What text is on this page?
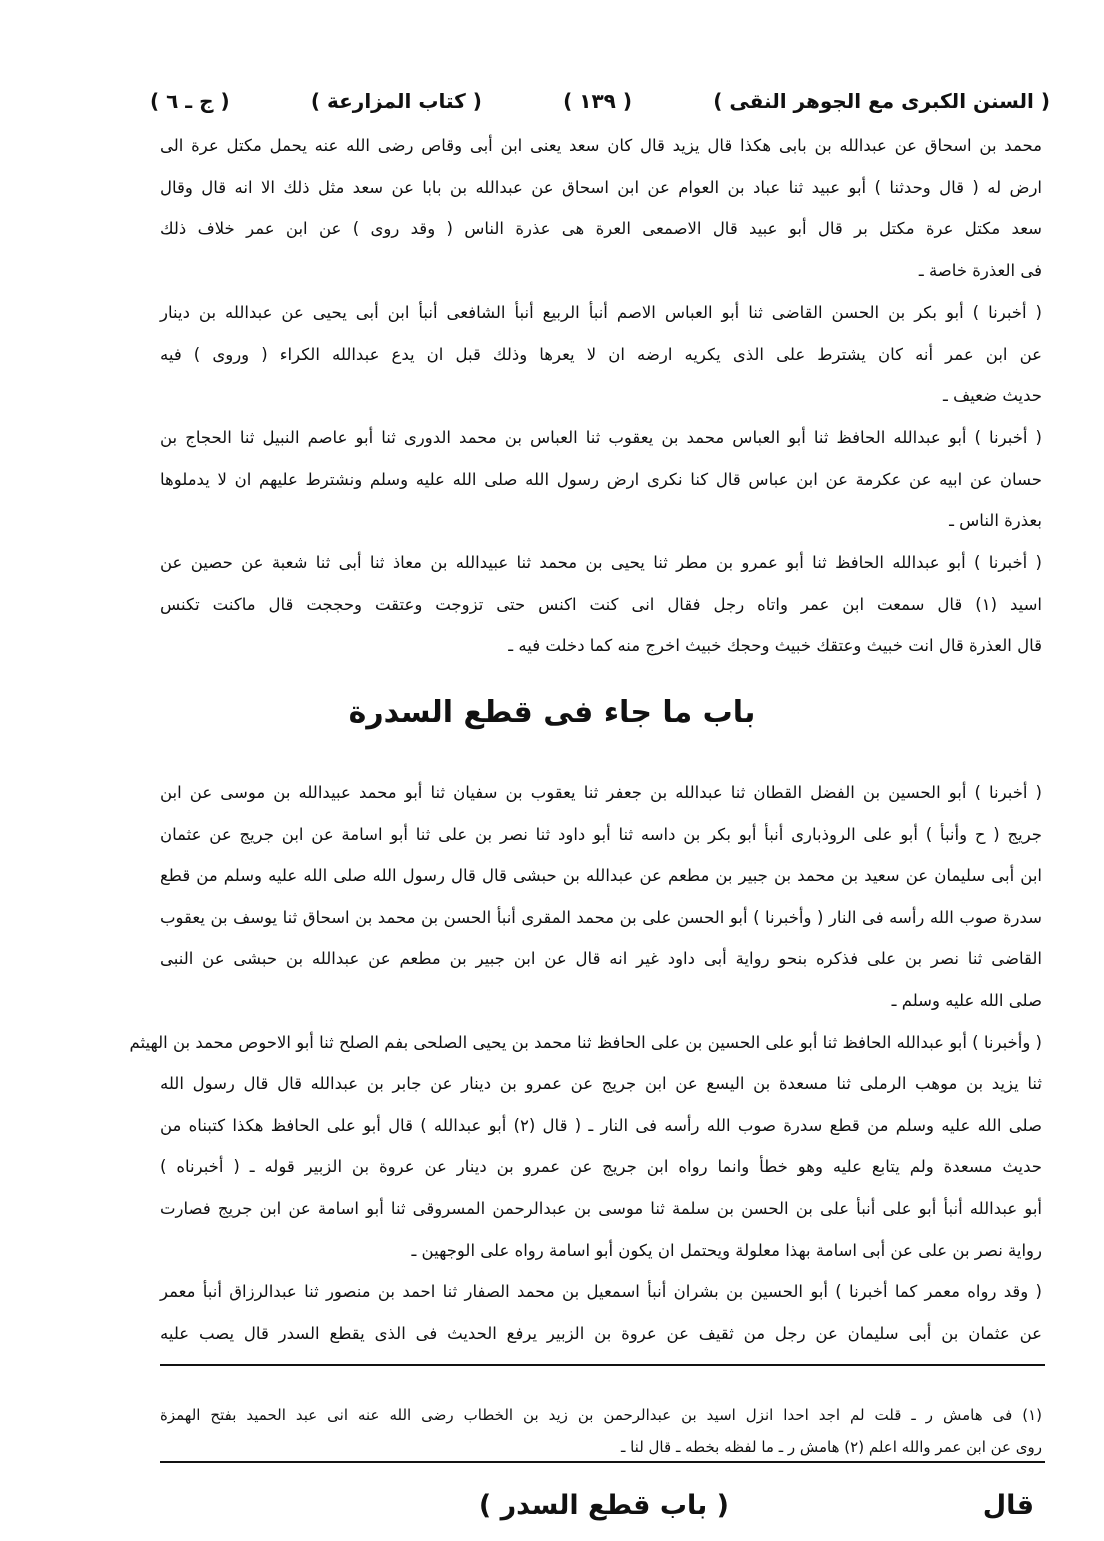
( السنن الكبرى مع الجوهر النقى )
( ١٣٩ )
( كتاب المزارعة )
( ج ـ ٦ )
محمد بن اسحاق عن عبدالله بن بابى هكذا قال يزيد قال كان سعد يعنى ابن أبى وقاص رضى الله عنه يحمل مكتل عرة الى
ارض له ( قال وحدثنا ) أبو عبيد ثنا عباد بن العوام عن ابن اسحاق عن عبدالله بن بابا عن سعد مثل ذلك الا انه قال وقال
سعد مكتل عرة مكتل بر قال أبو عبيد قال الاصمعى العرة هى عذرة الناس ( وقد روى ) عن ابن عمر خلاف ذلك
فى العذرة خاصة ـ
( أخبرنا ) أبو بكر بن الحسن القاضى ثنا أبو العباس الاصم أنبأ الربيع أنبأ الشافعى أنبأ ابن أبى يحيى عن عبدالله بن دينار
عن ابن عمر أنه كان يشترط على الذى يكريه ارضه ان لا يعرها وذلك قبل ان يدع عبدالله الكراء ( وروى ) فيه
حديث ضعيف ـ
( أخبرنا ) أبو عبدالله الحافظ ثنا أبو العباس محمد بن يعقوب ثنا العباس بن محمد الدورى ثنا أبو عاصم النبيل ثنا الحجاج بن
حسان عن ابيه عن عكرمة عن ابن عباس قال كنا نكرى ارض رسول الله صلى الله عليه وسلم ونشترط عليهم ان لا يدملوها
بعذرة الناس ـ
( أخبرنا ) أبو عبدالله الحافظ ثنا أبو عمرو بن مطر ثنا يحيى بن محمد ثنا عبيدالله بن معاذ ثنا أبى ثنا شعبة عن حصين عن
اسيد (١) قال سمعت ابن عمر واتاه رجل فقال انى كنت اكنس حتى تزوجت وعتقت وحججت قال ماكنت تكنس
قال العذرة قال انت خبيث وعتقك خبيث وحجك خبيث اخرج منه كما دخلت فيه ـ
باب ما جاء فى قطع السدرة
( أخبرنا ) أبو الحسين بن الفضل القطان ثنا عبدالله بن جعفر ثنا يعقوب بن سفيان ثنا أبو محمد عبيدالله بن موسى عن ابن
جريج ( ح وأنبأ ) أبو على الروذبارى أنبأ أبو بكر بن داسه ثنا أبو داود ثنا نصر بن على ثنا أبو اسامة عن ابن جريج عن عثمان
ابن أبى سليمان عن سعيد بن محمد بن جبير بن مطعم عن عبدالله بن حبشى قال قال رسول الله صلى الله عليه وسلم من قطع
سدرة صوب الله رأسه فى النار ( وأخبرنا ) أبو الحسن على بن محمد المقرى أنبأ الحسن بن محمد بن اسحاق ثنا يوسف بن يعقوب
القاضى ثنا نصر بن على فذكره بنحو رواية أبى داود غير انه قال عن ابن جبير بن مطعم عن عبدالله بن حبشى عن النبى
صلى الله عليه وسلم ـ
( وأخبرنا ) أبو عبدالله الحافظ ثنا أبو على الحسين بن على الحافظ ثنا محمد بن يحيى الصلحى بفم الصلح ثنا أبو الاحوص محمد بن الهيثم
ثنا يزيد بن موهب الرملى ثنا مسعدة بن اليسع عن ابن جريج عن عمرو بن دينار عن جابر بن عبدالله قال قال رسول الله
صلى الله عليه وسلم من قطع سدرة صوب الله رأسه فى النار ـ ( قال (٢) أبو عبدالله ) قال أبو على الحافظ هكذا كتبناه من
حديث مسعدة ولم يتابع عليه وهو خطأ وانما رواه ابن جريج عن عمرو بن دينار عن عروة بن الزبير قوله ـ ( أخبرناه )
أبو عبدالله أنبأ أبو على أنبأ على بن الحسن بن سلمة ثنا موسى بن عبدالرحمن المسروقى ثنا أبو اسامة عن ابن جريج فصارت
رواية نصر بن على عن أبى اسامة بهذا معلولة ويحتمل ان يكون أبو اسامة رواه على الوجهين ـ
( وقد رواه معمر كما أخبرنا ) أبو الحسين بن بشران أنبأ اسمعيل بن محمد الصفار ثنا احمد بن منصور ثنا عبدالرزاق أنبأ معمر
عن عثمان بن أبى سليمان عن رجل من ثقيف عن عروة بن الزبير يرفع الحديث فى الذى يقطع السدر قال يصب عليه
(١) فى هامش ر ـ قلت لم اجد احدا انزل اسيد بن عبدالرحمن بن زيد بن الخطاب رضى الله عنه انى عبد الحميد بفتح الهمزة
روى عن ابن عمر والله اعلم (٢) هامش ر ـ ما لفظه بخطه ـ قال لنا ـ
قال
( باب قطع السدر )
